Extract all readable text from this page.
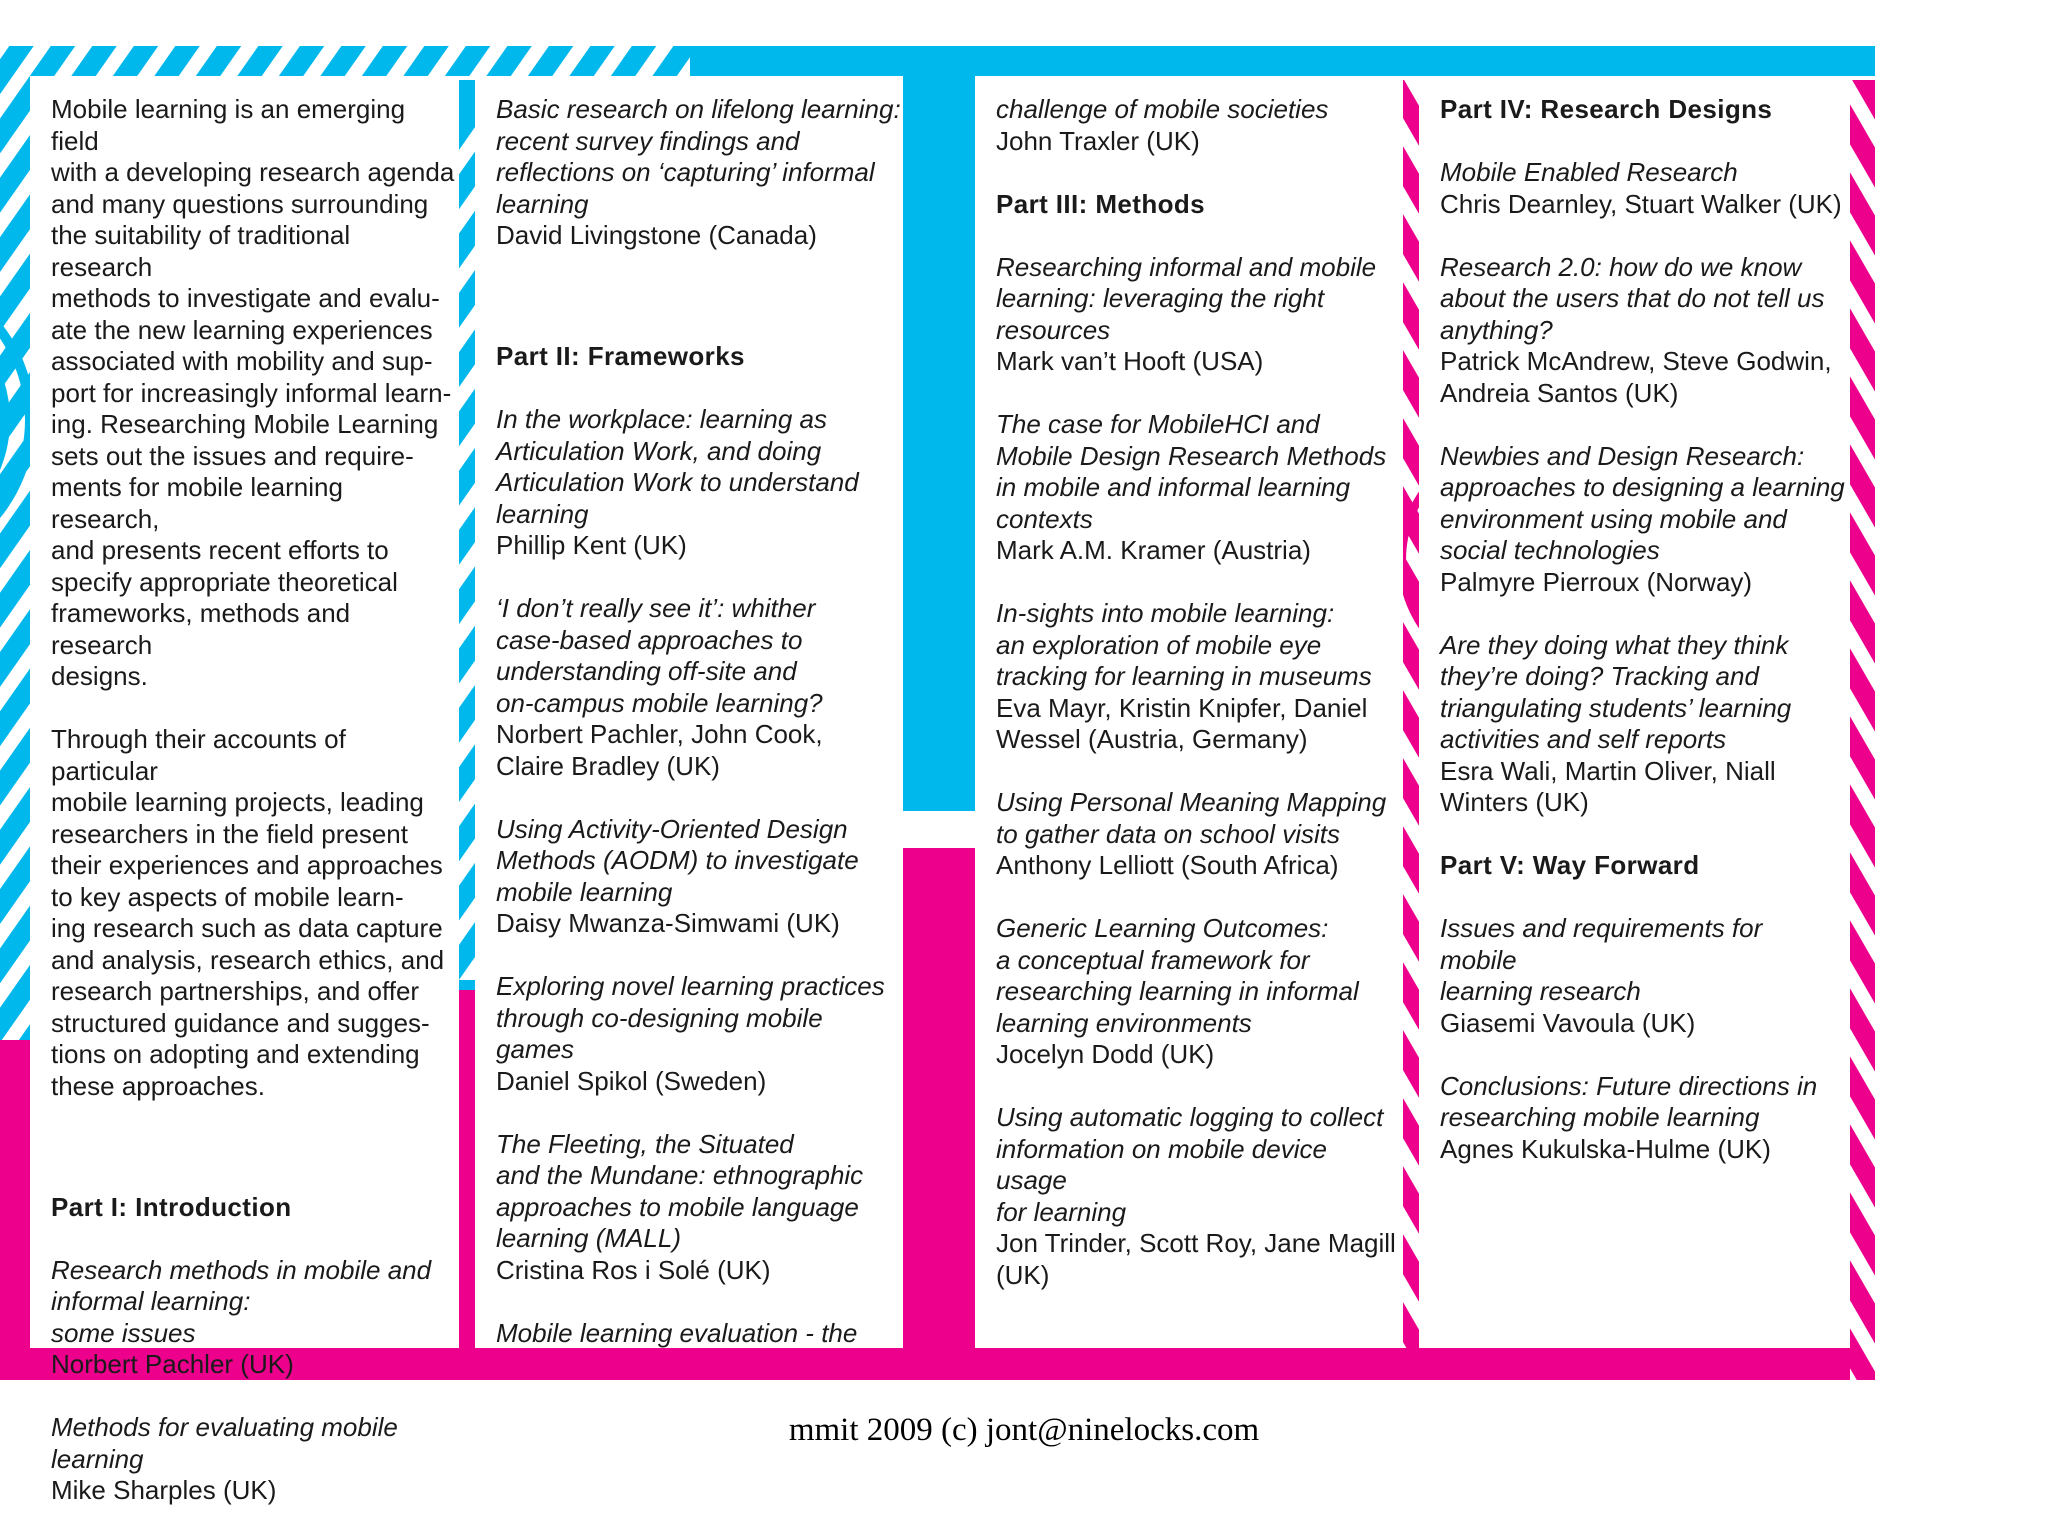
Mobile learning is an emerging field
with a developing research agenda
and many questions surrounding
the suitability of traditional research
methods to investigate and evalu-
ate the new learning experiences
associated with mobility and sup-
port for increasingly informal learn-
ing. Researching Mobile Learning
sets out the issues and require-
ments for mobile learning research,
and presents recent efforts to
specify appropriate theoretical
frameworks, methods and research
designs.
Through their accounts of particular
mobile learning projects, leading
researchers in the field present
their experiences and approaches
to key aspects of mobile learn-
ing research such as data capture
and analysis, research ethics, and
research partnerships, and offer
structured guidance and sugges-
tions on adopting and extending
these approaches.
Part I: Introduction
Research methods in mobile and
informal learning:
some issues
Norbert Pachler (UK)
Methods for evaluating mobile
learning
Mike Sharples (UK)
Basic research on lifelong learning:
recent survey findings and
reflections on ‘capturing’ informal
learning
David Livingstone (Canada)
Part II: Frameworks
In the workplace: learning as
Articulation Work, and doing
Articulation Work to understand
learning
Phillip Kent (UK)
‘I don’t really see it’: whither
case-based approaches to
understanding off-site and
on-campus mobile learning?
Norbert Pachler, John Cook,
Claire Bradley (UK)
Using Activity-Oriented Design
Methods (AODM) to investigate
mobile learning
Daisy Mwanza-Simwami (UK)
Exploring novel learning practices
through co-designing mobile
games
Daniel Spikol (Sweden)
The Fleeting, the Situated
and the Mundane: ethnographic
approaches to mobile language
learning (MALL)
Cristina Ros i Solé (UK)
Mobile learning evaluation - the
challenge of mobile societies
John Traxler (UK)
Part III: Methods
Researching informal and mobile
learning: leveraging the right
resources
Mark van’t Hooft (USA)
The case for MobileHCI and
Mobile Design Research Methods
in mobile and informal learning
contexts
Mark A.M. Kramer (Austria)
In-sights into mobile learning:
an exploration of mobile eye
tracking for learning in museums
Eva Mayr, Kristin Knipfer, Daniel
Wessel (Austria, Germany)
Using Personal Meaning Mapping
to gather data on school visits
Anthony Lelliott (South Africa)
Generic Learning Outcomes:
a conceptual framework for
researching learning in informal
learning environments
Jocelyn Dodd (UK)
Using automatic logging to collect
information on mobile device usage
for learning
Jon Trinder, Scott Roy, Jane Magill
(UK)
Part IV: Research Designs
Mobile Enabled Research
Chris Dearnley, Stuart Walker (UK)
Research 2.0: how do we know
about the users that do not tell us
anything?
Patrick McAndrew, Steve Godwin,
Andreia Santos (UK)
Newbies and Design Research:
approaches to designing a learning
environment using mobile and
social technologies
Palmyre Pierroux (Norway)
Are they doing what they think
they’re doing? Tracking and
triangulating students’ learning
activities and self reports
Esra Wali, Martin Oliver, Niall
Winters (UK)
Part V: Way Forward
Issues and requirements for mobile
learning research
Giasemi Vavoula (UK)
Conclusions: Future directions in
researching mobile learning
Agnes Kukulska-Hulme (UK)
mmit 2009 (c) jont@ninelocks.com
